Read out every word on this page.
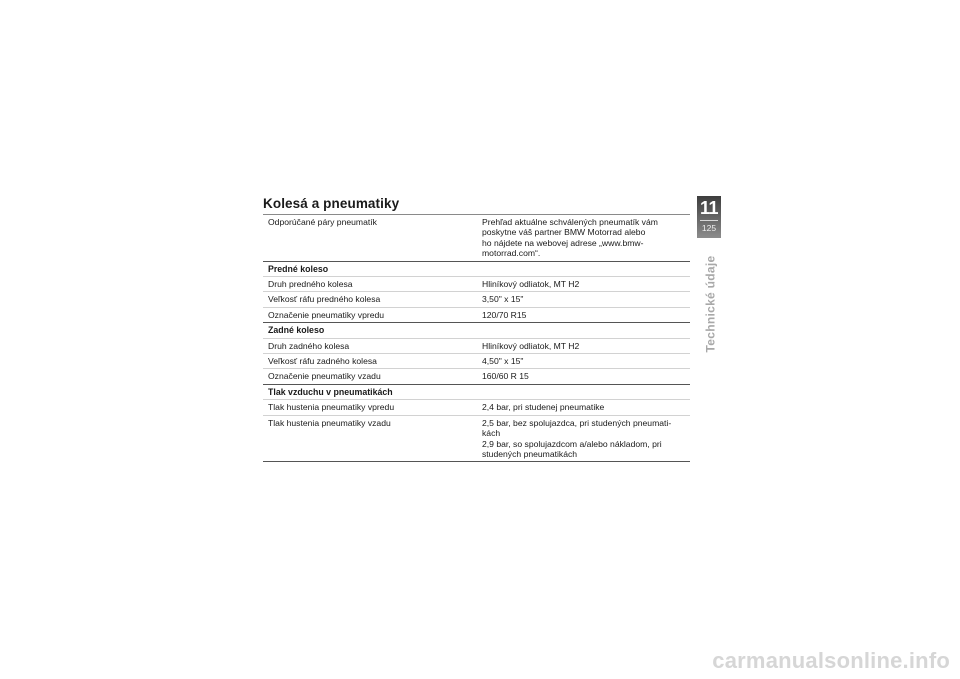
Kolesá a pneumatiky
Odporúčané páry pneumatík	Prehľad aktuálne schválených pneumatík vám
poskytne váš partner BMW Motorrad alebo
ho nájdete na webovej adrese „www.bmw-
motorrad.com“.
Predné koleso
Druh predného kolesa	Hliníkový odliatok, MT H2
Veľkosť ráfu predného kolesa	3,50" x 15"
Označenie pneumatiky vpredu	120/70 R15
Zadné koleso
Druh zadného kolesa	Hliníkový odliatok, MT H2
Veľkosť ráfu zadného kolesa	4,50" x 15"
Označenie pneumatiky vzadu	160/60 R 15
Tlak vzduchu v pneumatikách
Tlak hustenia pneumatiky vpredu	2,4 bar, pri studenej pneumatike
Tlak hustenia pneumatiky vzadu	2,5 bar, bez spolujazdca, pri studených pneumati-
kách
2,9 bar, so spolujazdcom a/alebo nákladom, pri
studených pneumatikách
11
125
Technické údaje
carmanualsonline.info
